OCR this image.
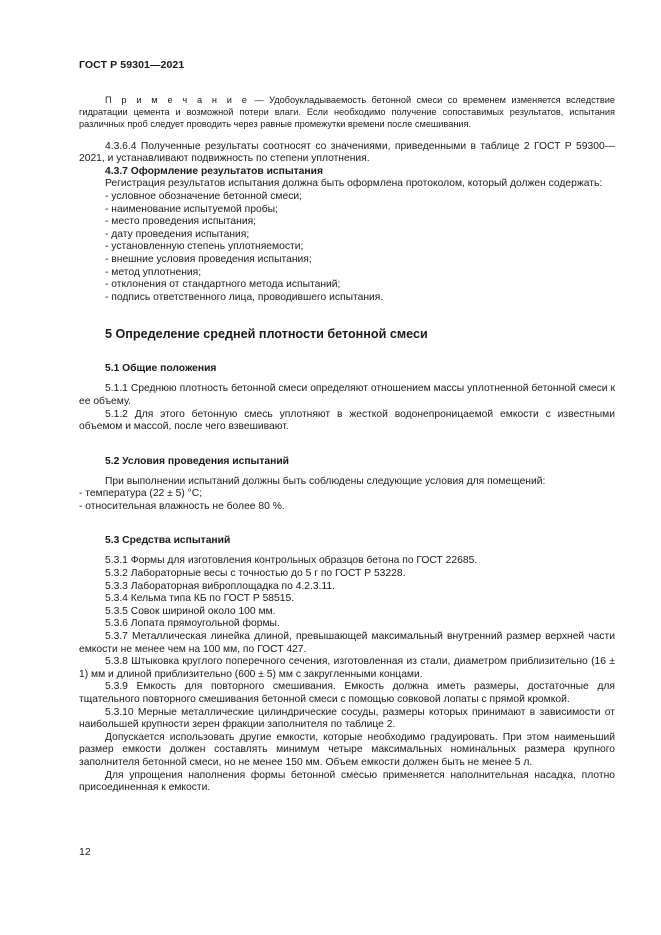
ГОСТ Р 59301—2021

П р и м е ч а н и е — Удобоукладываемость бетонной смеси со временем изменяется вследствие гидратации цемента и возможной потери влаги. Если необходимо получение сопоставимых результатов, испытания различных проб следует проводить через равные промежутки времени после смешивания.

4.3.6.4 Полученные результаты соотносят со значениями, приведенными в таблице 2 ГОСТ Р 59300—2021, и устанавливают подвижность по степени уплотнения.

4.3.7 Оформление результатов испытания

Регистрация результатов испытания должна быть оформлена протоколом, который должен содержать:

- условное обозначение бетонной смеси;
- наименование испытуемой пробы;
- место проведения испытания;
- дату проведения испытания;
- установленную степень уплотняемости;
- внешние условия проведения испытания;
- метод уплотнения;
- отклонения от стандартного метода испытаний;
- подпись ответственного лица, проводившего испытания.
5 Определение средней плотности бетонной смеси
5.1 Общие положения

5.1.1 Среднюю плотность бетонной смеси определяют отношением массы уплотненной бетонной смеси к ее объему.

5.1.2 Для этого бетонную смесь уплотняют в жесткой водонепроницаемой емкости с известными объемом и массой, после чего взвешивают.

5.2 Условия проведения испытаний

При выполнении испытаний должны быть соблюдены следующие условия для помещений:

- температура (22 ± 5) °С;

- относительная влажность не более 80 %.

5.3 Средства испытаний

5.3.1 Формы для изготовления контрольных образцов бетона по ГОСТ 22685.

5.3.2 Лабораторные весы с точностью до 5 г по ГОСТ Р 53228.

5.3.3 Лабораторная виброплощадка по 4.2.3.11.

5.3.4 Кельма типа КБ по ГОСТ Р 58515.

5.3.5 Совок шириной около 100 мм.

5.3.6 Лопата прямоугольной формы.

5.3.7 Металлическая линейка длиной, превышающей максимальный внутренний размер верхней части емкости не менее чем на 100 мм, по ГОСТ 427.

5.3.8 Штыковка круглого поперечного сечения, изготовленная из стали, диаметром приблизительно (16 ± 1) мм и длиной приблизительно (600 ± 5) мм с закругленными концами.

5.3.9 Емкость для повторного смешивания. Емкость должна иметь размеры, достаточные для тщательного повторного смешивания бетонной смеси с помощью совковой лопаты с прямой кромкой.

5.3.10 Мерные металлические цилиндрические сосуды, размеры которых принимают в зависимости от наибольшей крупности зерен фракции заполнителя по таблице 2.

Допускается использовать другие емкости, которые необходимо градуировать. При этом наименьший размер емкости должен составлять минимум четыре максимальных номинальных размера крупного заполнителя бетонной смеси, но не менее 150 мм. Объем емкости должен быть не менее 5 л.

Для упрощения наполнения формы бетонной смесью применяется наполнительная насадка, плотно присоединенная к емкости.

12
